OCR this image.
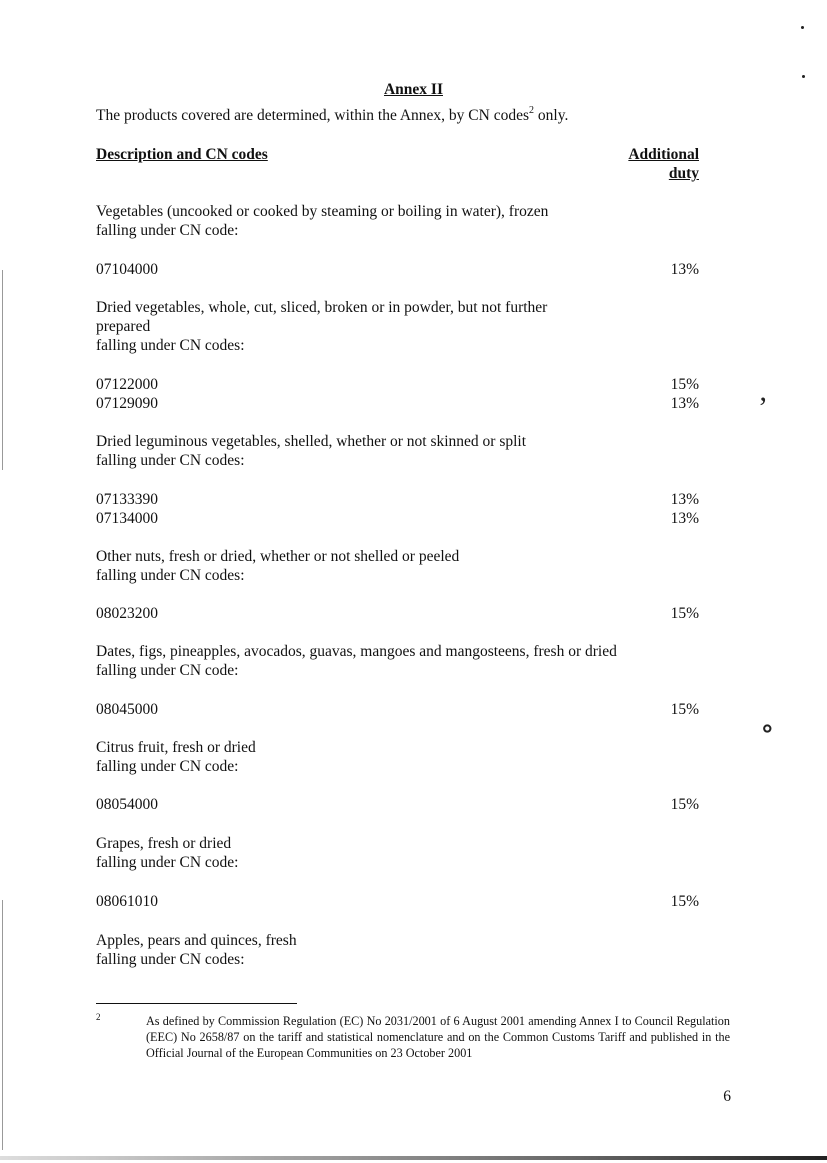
’
∘
Annex II
The products covered are determined, within the Annex, by CN codes$^2$ only.
Description and CN codes	Additional
duty
Vegetables (uncooked or cooked by steaming or boiling in water), frozen
falling under CN code:
07104000	13%
Dried vegetables, whole, cut, sliced, broken or in powder, but not further
prepared
falling under CN codes:
07122000	15%
07129090	13%
Dried leguminous vegetables, shelled, whether or not skinned or split
falling under CN codes:
07133390	13%
07134000	13%
Other nuts, fresh or dried, whether or not shelled or peeled
falling under CN codes:
08023200	15%
Dates, figs, pineapples, avocados, guavas, mangoes and mangosteens, fresh or dried
falling under CN code:
08045000	15%
Citrus fruit, fresh or dried
falling under CN code:
08054000	15%
Grapes, fresh or dried
falling under CN code:
08061010	15%
Apples, pears and quinces, fresh
falling under CN codes:
2	As defined by Commission Regulation (EC) No 2031/2001 of 6 August 2001 amending Annex I to Council Regulation (EEC) No 2658/87 on the tariff and statistical nomenclature and on the Common Customs Tariff and published in the Official Journal of the European Communities on 23 October 2001
6
